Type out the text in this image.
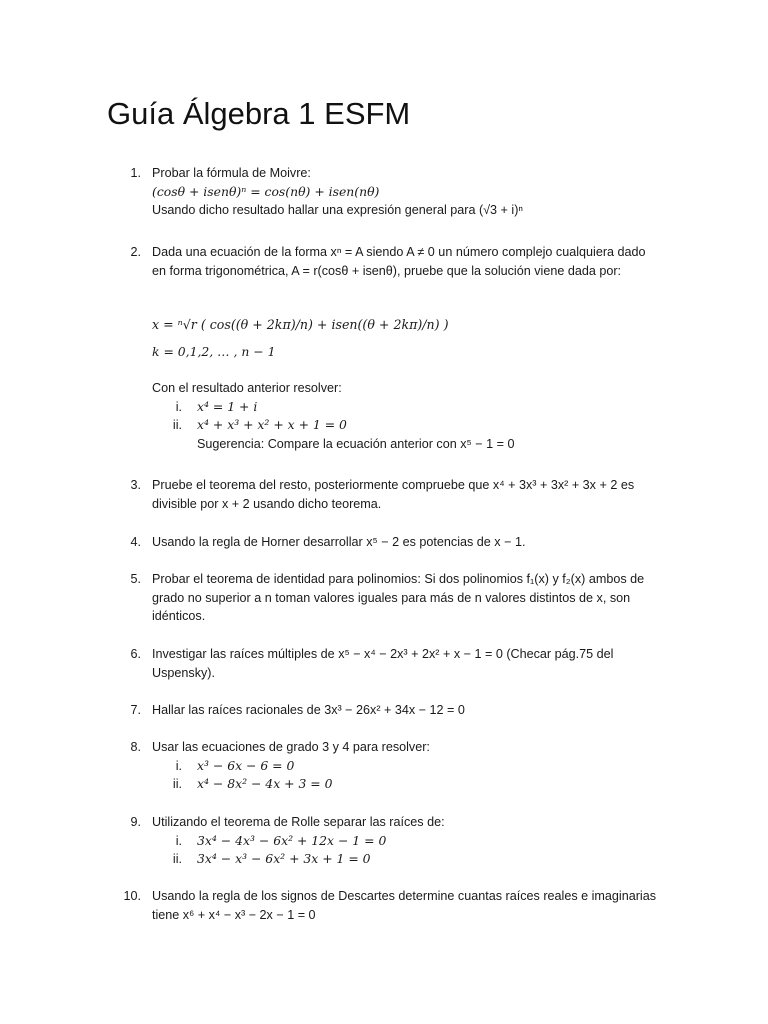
Guía Álgebra 1 ESFM
1. Probar la fórmula de Moivre:
(cosθ + isenθ)ⁿ = cos(nθ) + isen(nθ)
Usando dicho resultado hallar una expresión general para (√3 + i)ⁿ
2. Dada una ecuación de la forma xⁿ = A siendo A ≠ 0 un número complejo cualquiera dado
en forma trigonométrica, A = r(cosθ + isenθ), pruebe que la solución viene dada por:
x = ⁿ√r ( cos((θ + 2kπ)/n) + isen((θ + 2kπ)/n) )
k = 0,1,2, … , n − 1
Con el resultado anterior resolver:
i. x⁴ = 1 + i
ii. x⁴ + x³ + x² + x + 1 = 0
Sugerencia: Compare la ecuación anterior con x⁵ − 1 = 0
3. Pruebe el teorema del resto, posteriormente compruebe que x⁴ + 3x³ + 3x² + 3x + 2 es
divisible por x + 2 usando dicho teorema.
4. Usando la regla de Horner desarrollar x⁵ − 2 es potencias de x − 1.
5. Probar el teorema de identidad para polinomios: Si dos polinomios f₁(x) y f₂(x) ambos de
grado no superior a n toman valores iguales para más de n valores distintos de x, son
idénticos.
6. Investigar las raíces múltiples de x⁵ − x⁴ − 2x³ + 2x² + x − 1 = 0 (Checar pág.75 del
Uspensky).
7. Hallar las raíces racionales de 3x³ − 26x² + 34x − 12 = 0
8. Usar las ecuaciones de grado 3 y 4 para resolver:
i. x³ − 6x − 6 = 0
ii. x⁴ − 8x² − 4x + 3 = 0
9. Utilizando el teorema de Rolle separar las raíces de:
i. 3x⁴ − 4x³ − 6x² + 12x − 1 = 0
ii. 3x⁴ − x³ − 6x² + 3x + 1 = 0
10. Usando la regla de los signos de Descartes determine cuantas raíces reales e imaginarias
tiene x⁶ + x⁴ − x³ − 2x − 1 = 0
